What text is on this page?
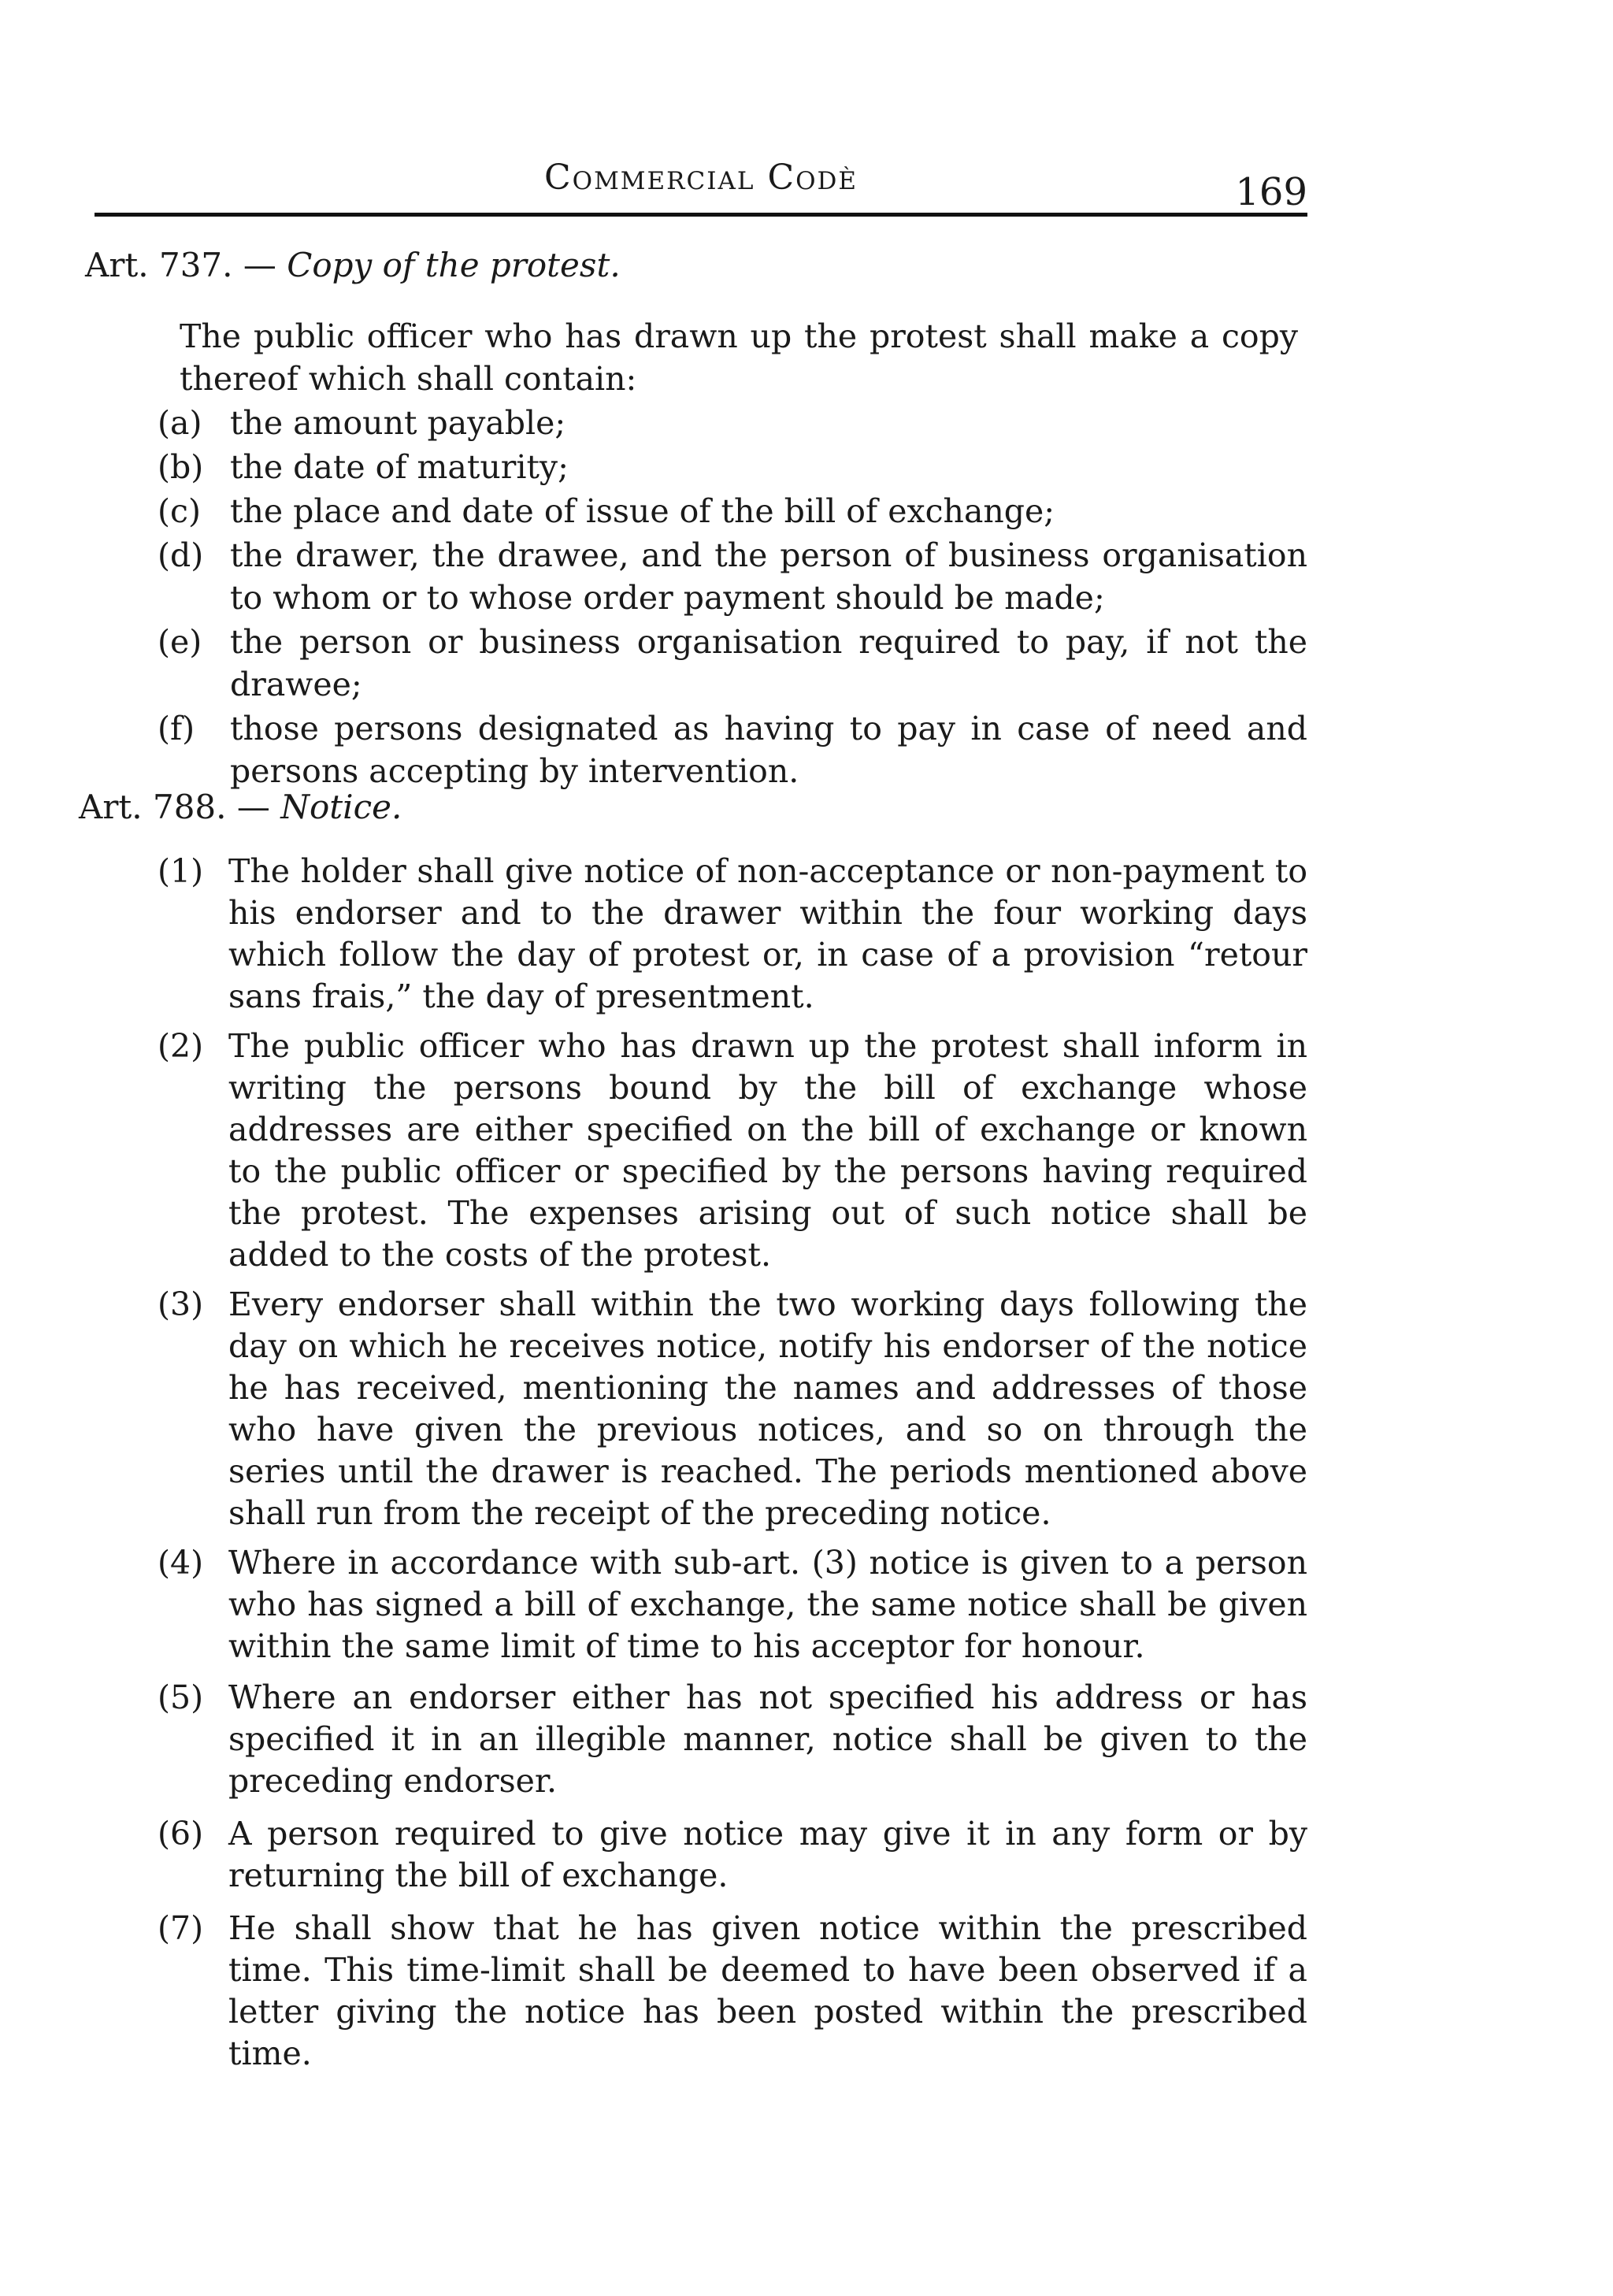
Commercial Codè	169
Art. 737. — Copy of the protest.
The public officer who has drawn up the protest shall make a copy thereof which shall contain:
(a) the amount payable;
(b) the date of maturity;
(c) the place and date of issue of the bill of exchange;
(d) the drawer, the drawee, and the person of business organisation to whom or to whose order payment should be made;
(e) the person or business organisation required to pay, if not the drawee;
(f)	those persons designated as having to pay in case of need and persons accepting by intervention.
Art. 788. — Notice.
(1) The holder shall give notice of non-acceptance or non-payment to his endorser and to the drawer within the four working days which follow the day of protest or, in case of a provision “retour sans frais,” the day of presentment.
(2) The public officer who has drawn up the protest shall inform in writing the persons bound by the bill of exchange whose addresses are either specified on the bill of exchange or known to the public officer or specified by the persons having required the protest. The expenses arising out of such notice shall be added to the costs of the protest.
(3) Every endorser shall within the two working days following the day on which he receives notice, notify his endorser of the notice he has received, mentioning the names and addresses of those who have given the previous notices, and so on through the series until the drawer is reached. The periods mentioned above shall run from the receipt of the preceding notice.
(4) Where in accordance with sub-art. (3) notice is given to a person who has signed a bill of exchange, the same notice shall be given within the same limit of time to his acceptor for honour.
(5) Where an endorser either has not specified his address or has specified it in an illegible manner, notice shall be given to the preceding endorser.
(6) A person required to give notice may give it in any form or by returning the bill of exchange.
(7) He shall show that he has given notice within the prescribed time. This time-limit shall be deemed to have been observed if a letter giving the notice has been posted within the prescribed time.
